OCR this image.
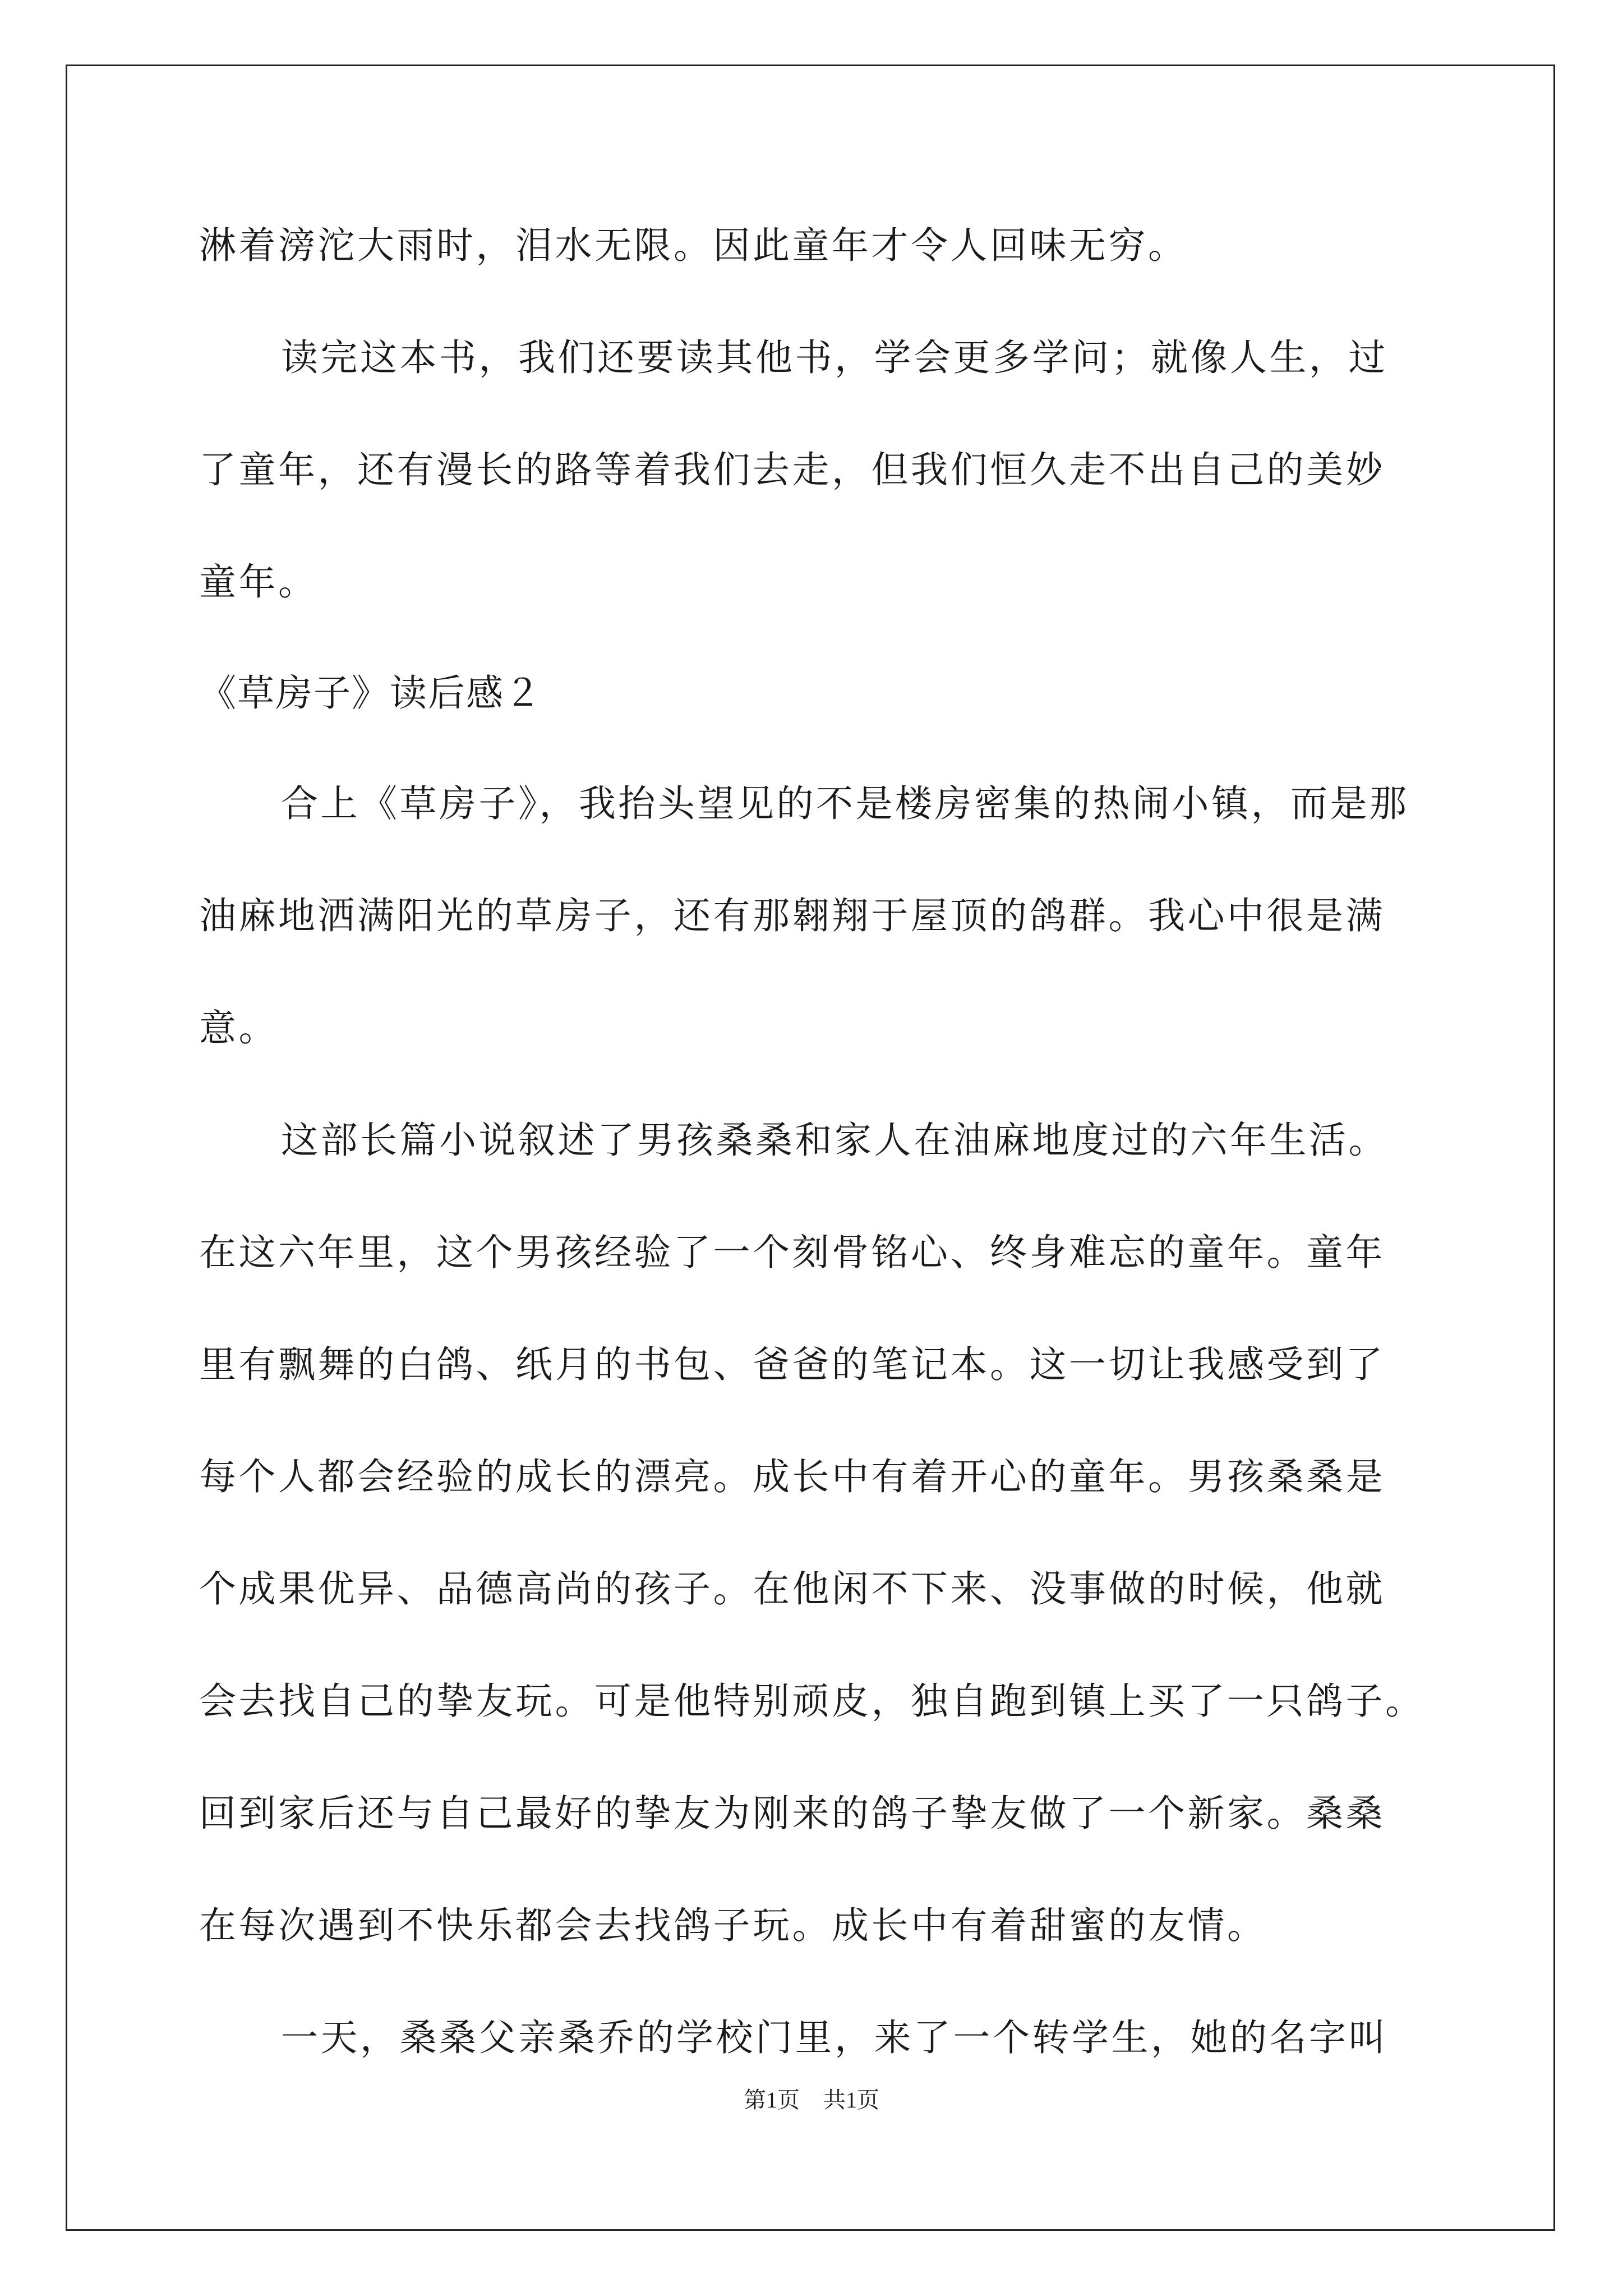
淋着滂沱大雨时，泪水无限。因此童年才令人回味无穷。
读完这本书，我们还要读其他书，学会更多学问；就像人生，过
了童年，还有漫长的路等着我们去走，但我们恒久走不出自己的美妙
童年。
《草房子》读后感２
合上《草房子》，我抬头望见的不是楼房密集的热闹小镇，而是那
油麻地洒满阳光的草房子，还有那翱翔于屋顶的鸽群。我心中很是满
意。
这部长篇小说叙述了男孩桑桑和家人在油麻地度过的六年生活。
在这六年里，这个男孩经验了一个刻骨铭心、终身难忘的童年。童年
里有飘舞的白鸽、纸月的书包、爸爸的笔记本。这一切让我感受到了
每个人都会经验的成长的漂亮。成长中有着开心的童年。男孩桑桑是
个成果优异、品德高尚的孩子。在他闲不下来、没事做的时候，他就
会去找自己的挚友玩。可是他特别顽皮，独自跑到镇上买了一只鸽子。
回到家后还与自己最好的挚友为刚来的鸽子挚友做了一个新家。桑桑
在每次遇到不快乐都会去找鸽子玩。成长中有着甜蜜的友情。
一天，桑桑父亲桑乔的学校门里，来了一个转学生，她的名字叫
第1页 共1页
